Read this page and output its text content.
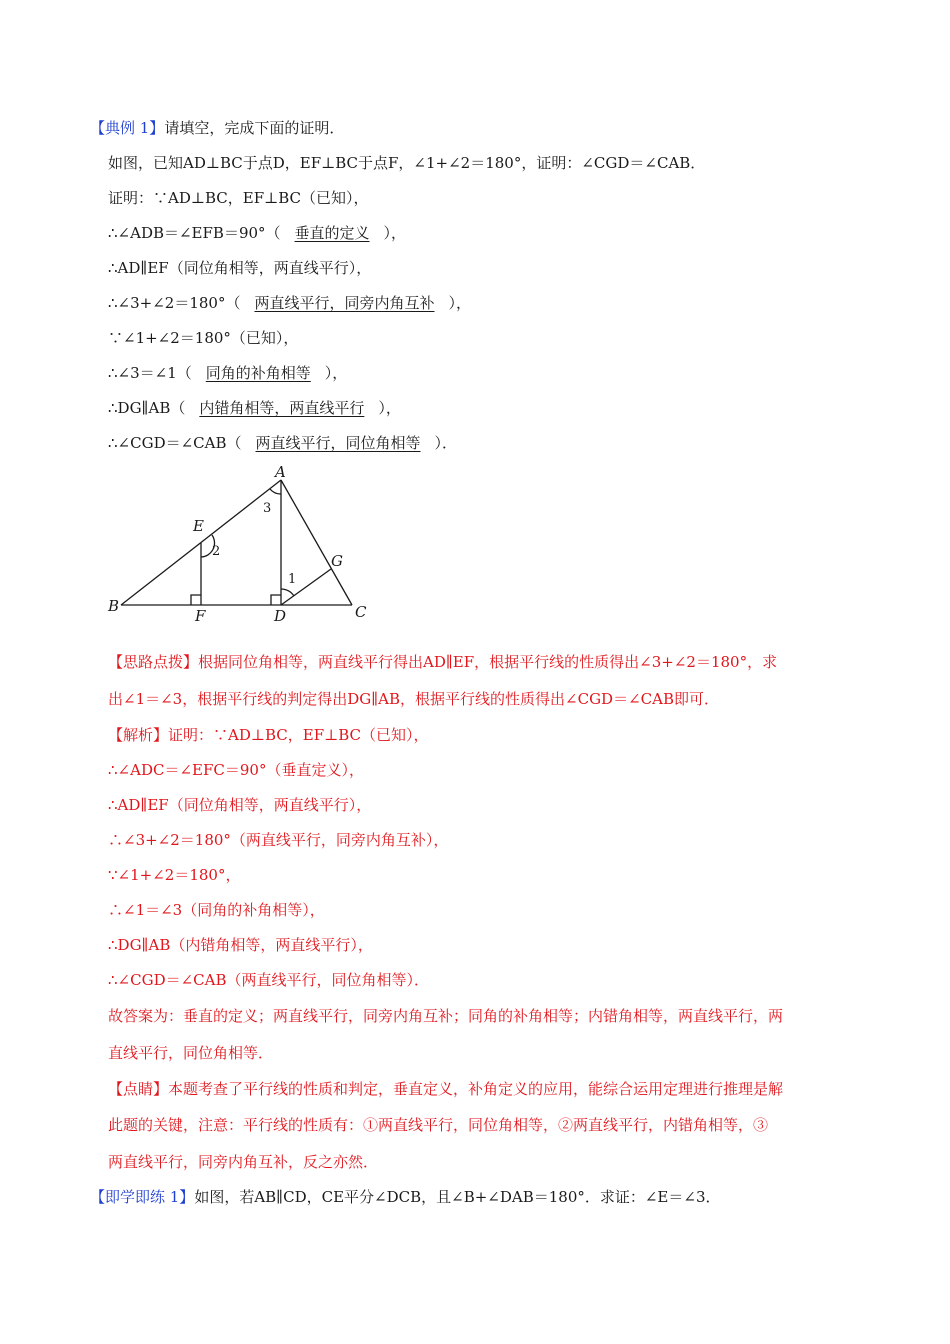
【典例 1】请填空，完成下面的证明．
如图，已知AD⊥BC于点D，EF⊥BC于点F，∠1+∠2＝180°，证明：∠CGD＝∠CAB．
证明：∵AD⊥BC，EF⊥BC（已知），
∴∠ADB＝∠EFB＝90°（ 垂直的定义 ），
∴AD∥EF（同位角相等，两直线平行），
∴∠3+∠2＝180°（ 两直线平行，同旁内角互补 ），
∵∠1+∠2＝180°（已知），
∴∠3＝∠1（ 同角的补角相等 ），
∴DG∥AB（ 内错角相等，两直线平行 ），
∴∠CGD＝∠CAB（ 两直线平行，同位角相等 ）．
A
B	C
D
E
F
G
1
2
3
【思路点拨】根据同位角相等，两直线平行得出AD∥EF，根据平行线的性质得出∠3+∠2＝180°，求
出∠1＝∠3，根据平行线的判定得出DG∥AB，根据平行线的性质得出∠CGD＝∠CAB即可．
【解析】证明：∵AD⊥BC，EF⊥BC（已知），
∴∠ADC＝∠EFC＝90°（垂直定义），
∴AD∥EF（同位角相等，两直线平行），
∴∠3+∠2＝180°（两直线平行，同旁内角互补），
∵∠1+∠2＝180°，
∴∠1＝∠3（同角的补角相等），
∴DG∥AB（内错角相等，两直线平行），
∴∠CGD＝∠CAB（两直线平行，同位角相等）．
故答案为：垂直的定义；两直线平行，同旁内角互补；同角的补角相等；内错角相等，两直线平行，两
直线平行，同位角相等．
【点睛】本题考查了平行线的性质和判定，垂直定义，补角定义的应用，能综合运用定理进行推理是解
此题的关键，注意：平行线的性质有：①两直线平行，同位角相等，②两直线平行，内错角相等，③
两直线平行，同旁内角互补，反之亦然．
【即学即练 1】如图，若AB∥CD，CE平分∠DCB，且∠B+∠DAB＝180°．求证：∠E＝∠3．
